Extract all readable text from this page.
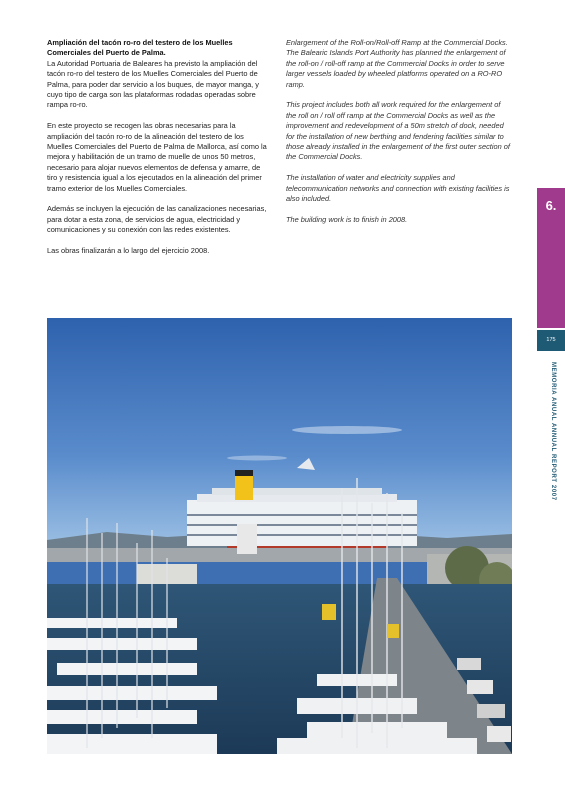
Ampliación del tacón ro-ro del testero de los Muelles Comerciales del Puerto de Palma.
La Autoridad Portuaria de Baleares ha previsto la ampliación del tacón ro-ro del testero de los Muelles Comerciales del Puerto de Palma, para poder dar servicio a los buques, de mayor manga, y cuyo tipo de carga son las plataformas rodadas operadas sobre rampa ro-ro.

En este proyecto se recogen las obras necesarias para la ampliación del tacón ro-ro de la alineación del testero de los Muelles Comerciales del Puerto de Palma de Mallorca, así como la mejora y habilitación de un tramo de muelle de unos 50 metros, necesario para alojar nuevos elementos de defensa y amarre, de tiro y resistencia igual a los ejecutados en la alineación del primer tramo exterior de los Muelles Comerciales.

Además se incluyen la ejecución de las canalizaciones necesarias, para dotar a esta zona, de servicios de agua, electricidad y comunicaciones y su conexión con las redes existentes.

Las obras finalizarán a lo largo del ejercicio 2008.

Enlargement of the Roll-on/Roll-off Ramp at the Commercial Docks.
The Balearic Islands Port Authority has planned the enlargement of the roll-on / roll-off ramp at the Commercial Docks in order to serve larger vessels loaded by wheeled platforms operated on a RO-RO ramp.

This project includes both all work required for the enlargement of the roll on / roll off ramp at the Commercial Docks as well as the improvement and redevelopment of a 50m stretch of dock, needed for the installation of new berthing and fendering facilities similar to those already installed in the enlargement of the first outer section of the Commercial Docks.

The installation of water and electricity supplies and telecommunication networks and connection with existing facilities is also included.

The building work is to finish in 2008.

6.
175
MEMORIA ANUAL ANNUAL REPORT 2007
